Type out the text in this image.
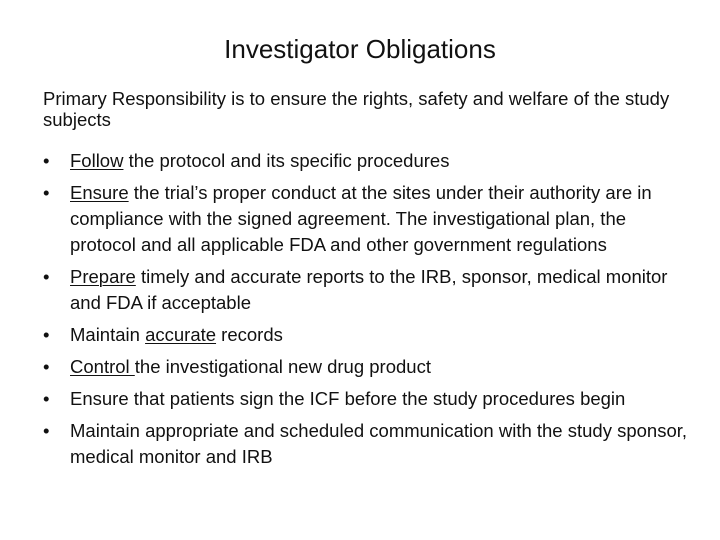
Investigator Obligations
Primary Responsibility is to ensure the rights, safety and welfare of the study subjects
•	Follow the protocol and its specific procedures
•	Ensure the trial’s proper conduct at the sites under their authority are in compliance with the signed agreement. The investigational plan, the protocol and all applicable FDA and other government regulations
•	Prepare timely and accurate reports to the IRB, sponsor, medical monitor and FDA if acceptable
•	Maintain accurate records
•	Control the investigational new drug product
•	Ensure that patients sign the ICF before the study procedures begin
•	Maintain appropriate and scheduled communication with the study sponsor, medical monitor and IRB
